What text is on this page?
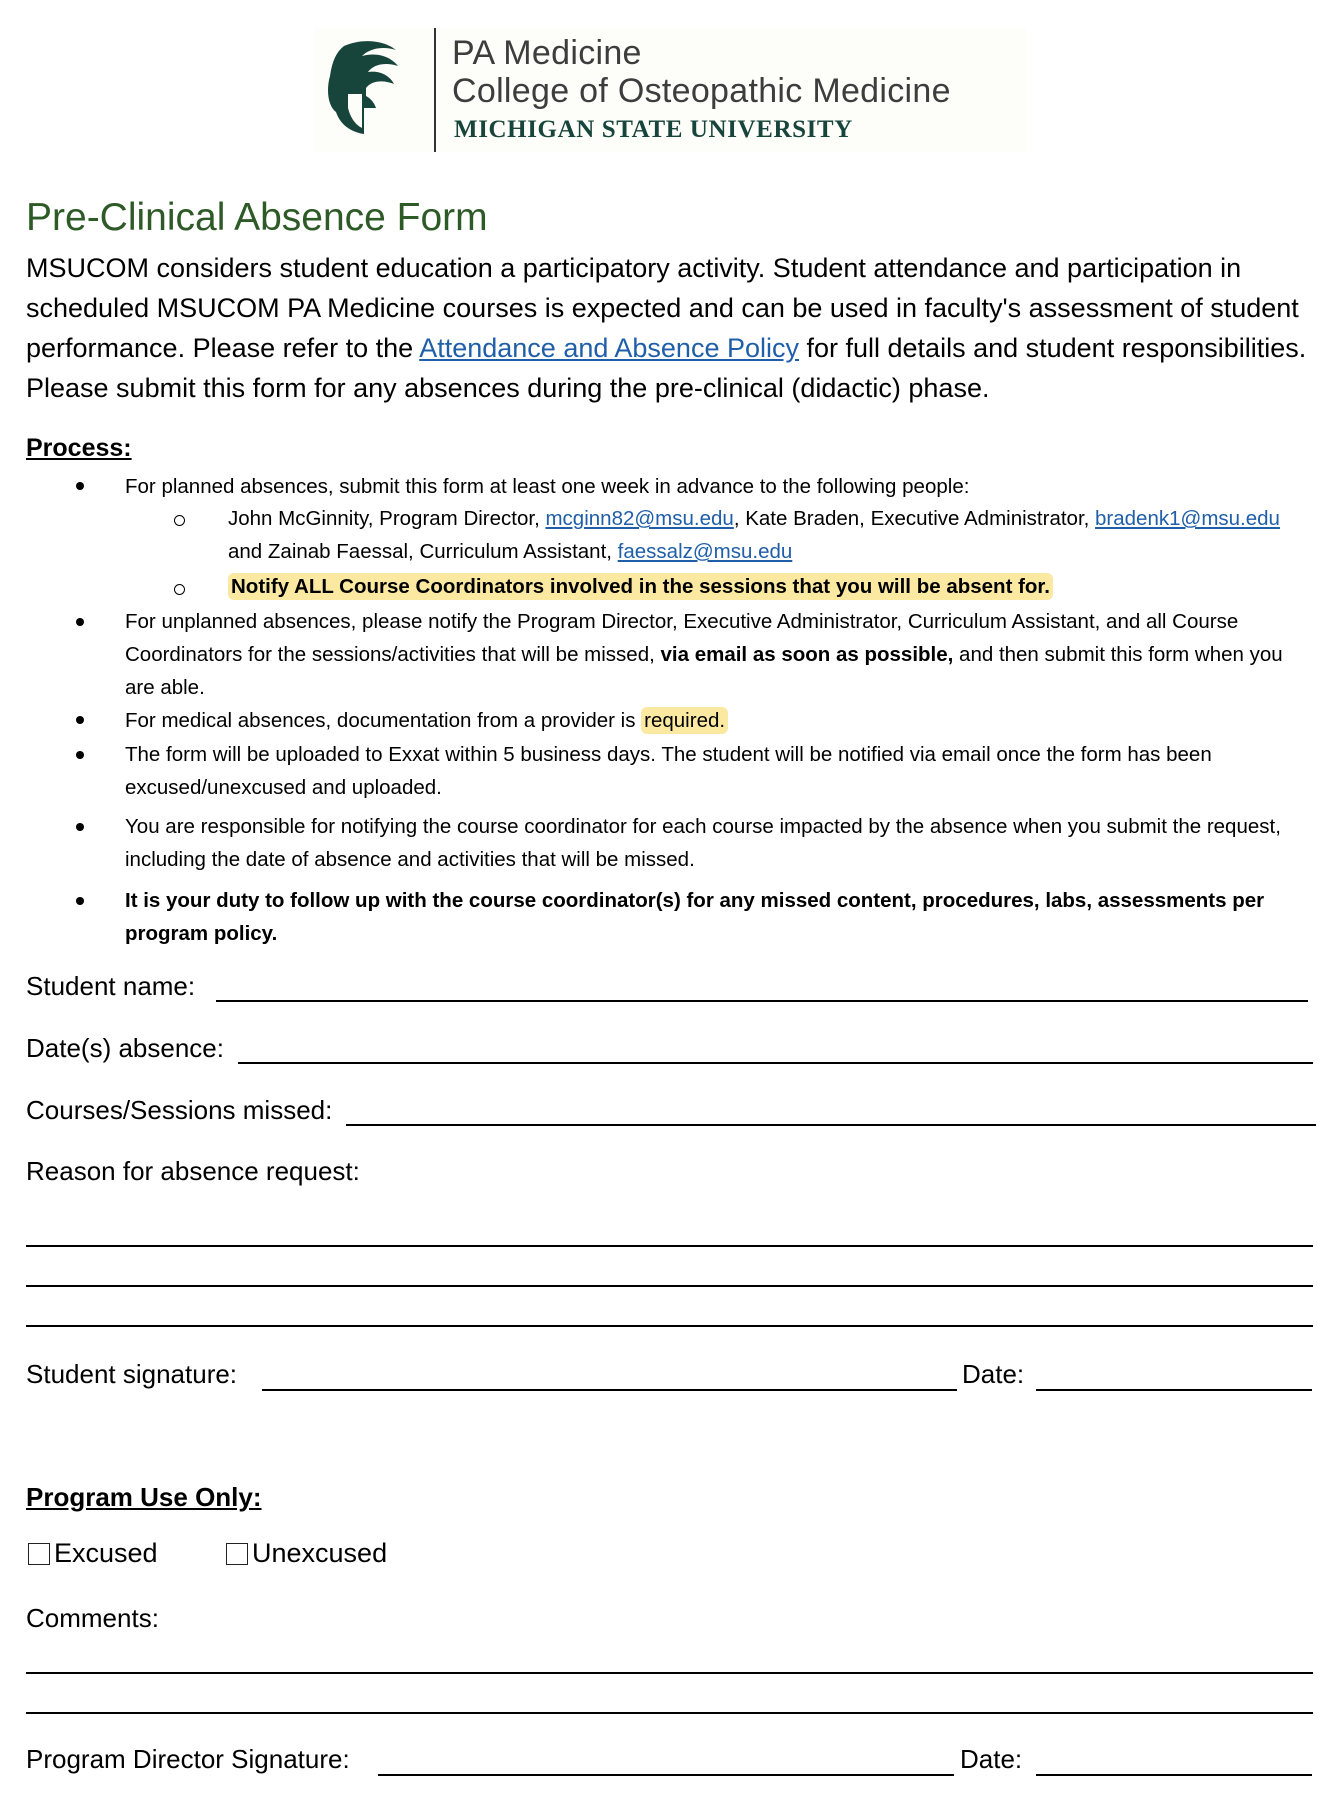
PA Medicine
College of Osteopathic Medicine
MICHIGAN STATE UNIVERSITY
Pre-Clinical Absence Form
MSUCOM considers student education a participatory activity. Student attendance and participation in scheduled MSUCOM PA Medicine courses is expected and can be used in faculty's assessment of student performance. Please refer to the Attendance and Absence Policy for full details and student responsibilities. Please submit this form for any absences during the pre-clinical (didactic) phase.
Process:
For planned absences, submit this form at least one week in advance to the following people:
John McGinnity, Program Director, mcginn82@msu.edu, Kate Braden, Executive Administrator, bradenk1@msu.edu and Zainab Faessal, Curriculum Assistant, faessalz@msu.edu
Notify ALL Course Coordinators involved in the sessions that you will be absent for.
For unplanned absences, please notify the Program Director, Executive Administrator, Curriculum Assistant, and all Course Coordinators for the sessions/activities that will be missed, via email as soon as possible, and then submit this form when you are able.
For medical absences, documentation from a provider is required.
The form will be uploaded to Exxat within 5 business days. The student will be notified via email once the form has been excused/unexcused and uploaded.
You are responsible for notifying the course coordinator for each course impacted by the absence when you submit the request, including the date of absence and activities that will be missed.
It is your duty to follow up with the course coordinator(s) for any missed content, procedures, labs, assessments per program policy.
Student name:
Date(s) absence:
Courses/Sessions missed:
Reason for absence request:
Student signature:	Date:
Program Use Only:
Excused	Unexcused
Comments:
Program Director Signature:	Date:
